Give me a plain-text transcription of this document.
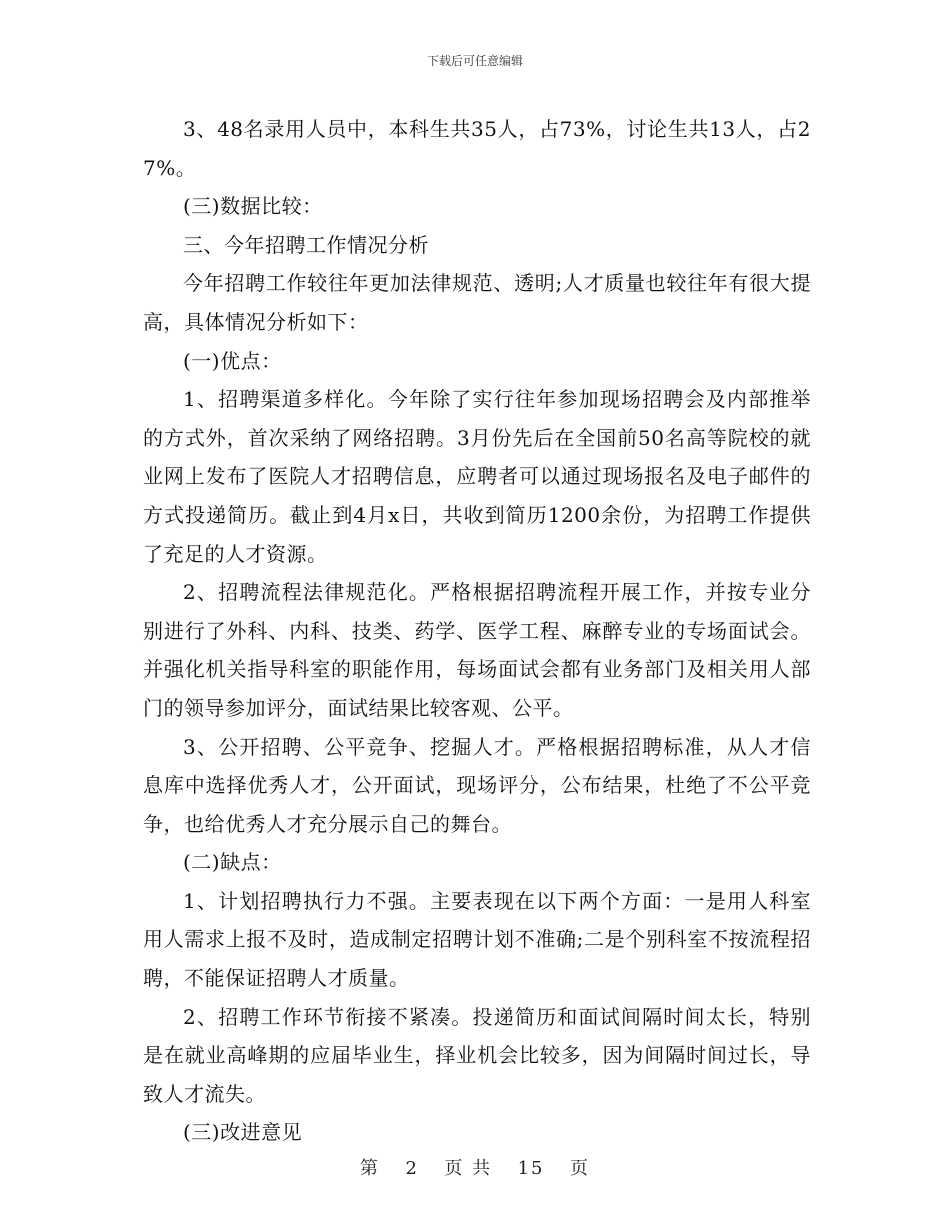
下载后可任意编辑

3、48名录用人员中，本科生共35人，占73%，讨论生共13人，占27%。

(三)数据比较：

三、今年招聘工作情况分析

今年招聘工作较往年更加法律规范、透明;人才质量也较往年有很大提高，具体情况分析如下：

(一)优点：

1、招聘渠道多样化。今年除了实行往年参加现场招聘会及内部推举的方式外，首次采纳了网络招聘。3月份先后在全国前50名高等院校的就业网上发布了医院人才招聘信息，应聘者可以通过现场报名及电子邮件的方式投递简历。截止到4月x日，共收到简历1200余份，为招聘工作提供了充足的人才资源。

2、招聘流程法律规范化。严格根据招聘流程开展工作，并按专业分别进行了外科、内科、技类、药学、医学工程、麻醉专业的专场面试会。并强化机关指导科室的职能作用，每场面试会都有业务部门及相关用人部门的领导参加评分，面试结果比较客观、公平。

3、公开招聘、公平竞争、挖掘人才。严格根据招聘标准，从人才信息库中选择优秀人才，公开面试，现场评分，公布结果，杜绝了不公平竞争，也给优秀人才充分展示自己的舞台。

(二)缺点：

1、计划招聘执行力不强。主要表现在以下两个方面：一是用人科室用人需求上报不及时，造成制定招聘计划不准确;二是个别科室不按流程招聘，不能保证招聘人才质量。

2、招聘工作环节衔接不紧凑。投递简历和面试间隔时间太长，特别是在就业高峰期的应届毕业生，择业机会比较多，因为间隔时间过长，导致人才流失。

(三)改进意见

第 2 页 共 15 页
